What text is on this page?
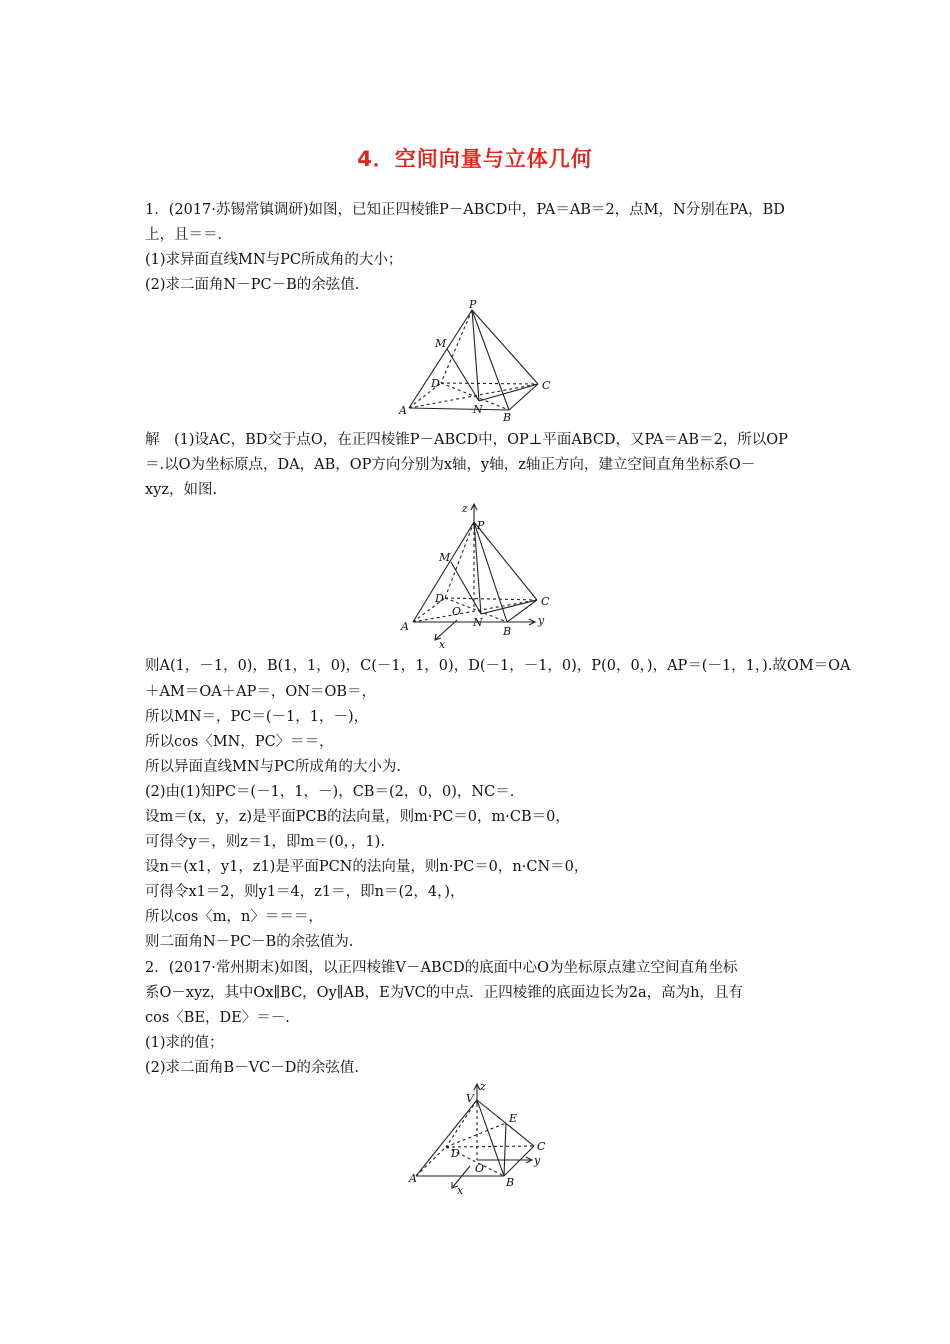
4．空间向量与立体几何
1．(2017·苏锡常镇调研)如图，已知正四棱锥P－ABCD中，PA＝AB＝2，点M，N分别在PA，BD
上，且＝＝.
(1)求异面直线MN与PC所成角的大小；
(2)求二面角N－PC－B的余弦值.
P
M
D	C
N
A
B
解　(1)设AC，BD交于点O，在正四棱锥P－ABCD中，OP⊥平面ABCD，又PA＝AB＝2，所以OP
＝.以O为坐标原点，DA，AB，OP方向分别为x轴，y轴，z轴正方向，建立空间直角坐标系O－
xyz，如图.
z
P
M
D	C
O
N
A	B
y
x
则A(1，－1，0)，B(1，1，0)，C(－1，1，0)，D(－1，－1，0)，P(0，0，)，AP＝(－1，1，).故OM＝OA
＋AM＝OA＋AP＝，ON＝OB＝，
所以MN＝，PC＝(－1，1，－)，
所以cos〈MN，PC〉＝＝，
所以异面直线MN与PC所成角的大小为.
(2)由(1)知PC＝(－1，1，－)，CB＝(2，0，0)，NC＝.
设m＝(x，y，z)是平面PCB的法向量，则m·PC＝0，m·CB＝0，
可得令y＝，则z＝1，即m＝(0，，1).
设n＝(x1，y1，z1)是平面PCN的法向量，则n·PC＝0，n·CN＝0，
可得令x1＝2，则y1＝4，z1＝，即n＝(2，4，)，
所以cos〈m，n〉＝＝＝，
则二面角N－PC－B的余弦值为.
2．(2017·常州期末)如图，以正四棱锥V－ABCD的底面中心O为坐标原点建立空间直角坐标
系O－xyz，其中Ox∥BC，Oy∥AB，E为VC的中点．正四棱锥的底面边长为2a，高为h，且有
cos〈BE，DE〉＝－.
(1)求的值；
(2)求二面角B－VC－D的余弦值.
z
V
E
C
D
O
y
A	B
x
